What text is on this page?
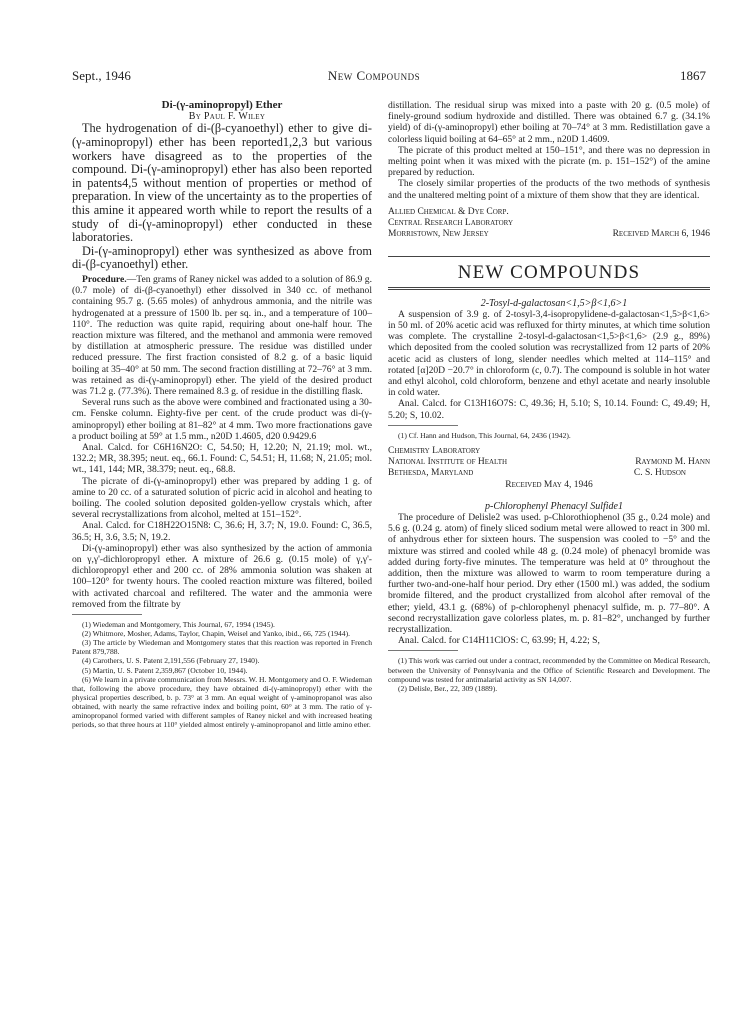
Sept., 1946	New Compounds	1867

Di-(γ-aminopropyl) Ether

By Paul F. Wiley

The hydrogenation of di-(β-cyanoethyl) ether to give di-(γ-aminopropyl) ether has been reported1,2,3 but various workers have disagreed as to the properties of the compound. Di-(γ-aminopropyl) ether has also been reported in patents4,5 without mention of properties or method of preparation. In view of the uncertainty as to the properties of this amine it appeared worth while to report the results of a study of di-(γ-aminopropyl) ether conducted in these laboratories.

Di-(γ-aminopropyl) ether was synthesized as above from di-(β-cyanoethyl) ether.

Procedure.—Ten grams of Raney nickel was added to a solution of 86.9 g. (0.7 mole) of di-(β-cyanoethyl) ether dissolved in 340 cc. of methanol containing 95.7 g. (5.65 moles) of anhydrous ammonia, and the nitrile was hydrogenated at a pressure of 1500 lb. per sq. in., and a temperature of 100–110°. The reduction was quite rapid, requiring about one-half hour. The reaction mixture was filtered, and the methanol and ammonia were removed by distillation at atmospheric pressure. The residue was distilled under reduced pressure. The first fraction consisted of 8.2 g. of a basic liquid boiling at 35–40° at 50 mm. The second fraction distilling at 72–76° at 3 mm. was retained as di-(γ-aminopropyl) ether. The yield of the desired product was 71.2 g. (77.3%). There remained 8.3 g. of residue in the distilling flask.

Several runs such as the above were combined and fractionated using a 30-cm. Fenske column. Eighty-five per cent. of the crude product was di-(γ-aminopropyl) ether boiling at 81–82° at 4 mm. Two more fractionations gave a product boiling at 59° at 1.5 mm., n20D 1.4605, d20 0.9429.6

Anal. Calcd. for C6H16N2O: C, 54.50; H, 12.20; N, 21.19; mol. wt., 132.2; MR, 38.395; neut. eq., 66.1. Found: C, 54.51; H, 11.68; N, 21.05; mol. wt., 141, 144; MR, 38.379; neut. eq., 68.8.

The picrate of di-(γ-aminopropyl) ether was prepared by adding 1 g. of amine to 20 cc. of a saturated solution of picric acid in alcohol and heating to boiling. The cooled solution deposited golden-yellow crystals which, after several recrystallizations from alcohol, melted at 151–152°.

Anal. Calcd. for C18H22O15N8: C, 36.6; H, 3.7; N, 19.0. Found: C, 36.5, 36.5; H, 3.6, 3.5; N, 19.2.

Di-(γ-aminopropyl) ether was also synthesized by the action of ammonia on γ,γ'-dichloropropyl ether. A mixture of 26.6 g. (0.15 mole) of γ,γ'-dichloropropyl ether and 200 cc. of 28% ammonia solution was shaken at 100–120° for twenty hours. The cooled reaction mixture was filtered, boiled with activated charcoal and refiltered. The water and the ammonia were removed from the filtrate by

(1) Wiedeman and Montgomery, This Journal, 67, 1994 (1945).

(2) Whitmore, Mosher, Adams, Taylor, Chapin, Weisel and Yanko, ibid., 66, 725 (1944).

(3) The article by Wiedeman and Montgomery states that this reaction was reported in French Patent 879,788.

(4) Carothers, U. S. Patent 2,191,556 (February 27, 1940).

(5) Martin, U. S. Patent 2,359,867 (October 10, 1944).

(6) We learn in a private communication from Messrs. W. H. Montgomery and O. F. Wiedeman that, following the above procedure, they have obtained di-(γ-aminopropyl) ether with the physical properties described, b. p. 73° at 3 mm. An equal weight of γ-aminopropanol was also obtained, with nearly the same refractive index and boiling point, 60° at 3 mm. The ratio of γ-aminopropanol formed varied with different samples of Raney nickel and with increased heating periods, so that three hours at 110° yielded almost entirely γ-aminopropanol and little amino ether.

distillation. The residual sirup was mixed into a paste with 20 g. (0.5 mole) of finely-ground sodium hydroxide and distilled. There was obtained 6.7 g. (34.1% yield) of di-(γ-aminopropyl) ether boiling at 70–74° at 3 mm. Redistillation gave a colorless liquid boiling at 64–65° at 2 mm., n20D 1.4609.

The picrate of this product melted at 150–151°, and there was no depression in melting point when it was mixed with the picrate (m. p. 151–152°) of the amine prepared by reduction.

The closely similar properties of the products of the two methods of synthesis and the unaltered melting point of a mixture of them show that they are identical.

Allied Chemical & Dye Corp.

Central Research Laboratory

Morristown, New Jersey	Received March 6, 1946
NEW COMPOUNDS

2-Tosyl-d-galactosan<1,5>β<1,6>1

A suspension of 3.9 g. of 2-tosyl-3,4-isopropylidene-d-galactosan<1,5>β<1,6> in 50 ml. of 20% acetic acid was refluxed for thirty minutes, at which time solution was complete. The crystalline 2-tosyl-d-galactosan<1,5>β<1,6> (2.9 g., 89%) which deposited from the cooled solution was recrystallized from 12 parts of 20% acetic acid as clusters of long, slender needles which melted at 114–115° and rotated [α]20D −20.7° in chloroform (c, 0.7). The compound is soluble in hot water and ethyl alcohol, cold chloroform, benzene and ethyl acetate and nearly insoluble in cold water.

Anal. Calcd. for C13H16O7S: C, 49.36; H, 5.10; S, 10.14. Found: C, 49.49; H, 5.20; S, 10.02.

(1) Cf. Hann and Hudson, This Journal, 64, 2436 (1942).

Chemistry Laboratory

National Institute of Health	Raymond M. Hann
Bethesda, Maryland	C. S. Hudson

Received May 4, 1946

p-Chlorophenyl Phenacyl Sulfide1

The procedure of Delisle2 was used. p-Chlorothiophenol (35 g., 0.24 mole) and 5.6 g. (0.24 g. atom) of finely sliced sodium metal were allowed to react in 300 ml. of anhydrous ether for sixteen hours. The suspension was cooled to −5° and the mixture was stirred and cooled while 48 g. (0.24 mole) of phenacyl bromide was added during forty-five minutes. The temperature was held at 0° throughout the addition, then the mixture was allowed to warm to room temperature during a further two-and-one-half hour period. Dry ether (1500 ml.) was added, the sodium bromide filtered, and the product crystallized from alcohol after removal of the ether; yield, 43.1 g. (68%) of p-chlorophenyl phenacyl sulfide, m. p. 77–80°. A second recrystallization gave colorless plates, m. p. 81–82°, unchanged by further recrystallization.

Anal. Calcd. for C14H11ClOS: C, 63.99; H, 4.22; S,

(1) This work was carried out under a contract, recommended by the Committee on Medical Research, between the University of Pennsylvania and the Office of Scientific Research and Development. The compound was tested for antimalarial activity as SN 14,007.

(2) Delisle, Ber., 22, 309 (1889).
